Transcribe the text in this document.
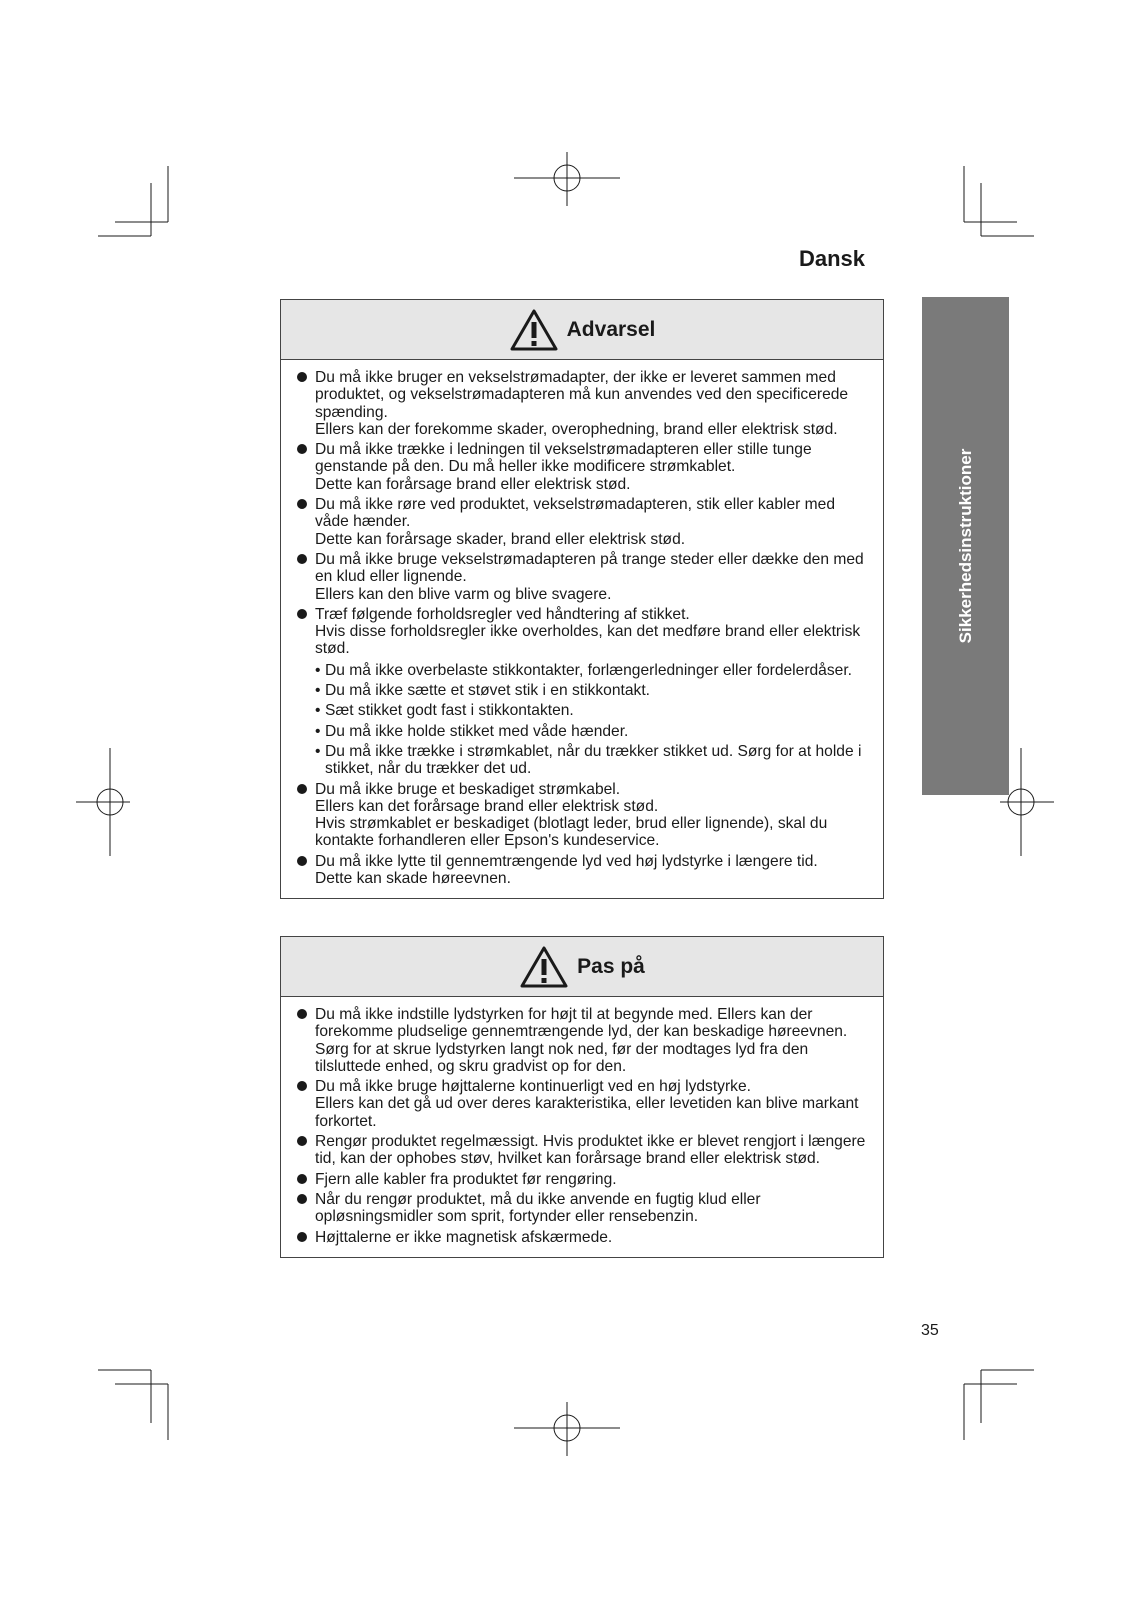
Dansk
Sikkerhedsinstruktioner
Advarsel

Du må ikke bruger en vekselstrømadapter, der ikke er leveret sammen med produktet, og vekselstrømadapteren må kun anvendes ved den specificerede spænding.

Ellers kan der forekomme skader, overophedning, brand eller elektrisk stød.

Du må ikke trække i ledningen til vekselstrømadapteren eller stille tunge genstande på den. Du må heller ikke modificere strømkablet.

Dette kan forårsage brand eller elektrisk stød.

Du må ikke røre ved produktet, vekselstrømadapteren, stik eller kabler med våde hænder.

Dette kan forårsage skader, brand eller elektrisk stød.

Du må ikke bruge vekselstrømadapteren på trange steder eller dække den med en klud eller lignende.

Ellers kan den blive varm og blive svagere.

Træf følgende forholdsregler ved håndtering af stikket.

Hvis disse forholdsregler ikke overholdes, kan det medføre brand eller elektrisk stød.

• Du må ikke overbelaste stikkontakter, forlængerledninger eller fordelerdåser.
• Du må ikke sætte et støvet stik i en stikkontakt.
• Sæt stikket godt fast i stikkontakten.
• Du må ikke holde stikket med våde hænder.
• Du må ikke trække i strømkablet, når du trækker stikket ud. Sørg for at holde i stikket, når du trækker det ud.

Du må ikke bruge et beskadiget strømkabel.

Ellers kan det forårsage brand eller elektrisk stød.

Hvis strømkablet er beskadiget (blotlagt leder, brud eller lignende), skal du kontakte forhandleren eller Epson's kundeservice.

Du må ikke lytte til gennemtrængende lyd ved høj lydstyrke i længere tid.

Dette kan skade høreevnen.

Pas på

Du må ikke indstille lydstyrken for højt til at begynde med. Ellers kan der forekomme pludselige gennemtrængende lyd, der kan beskadige høreevnen. Sørg for at skrue lydstyrken langt nok ned, før der modtages lyd fra den tilsluttede enhed, og skru gradvist op for den.

Du må ikke bruge højttalerne kontinuerligt ved en høj lydstyrke.

Ellers kan det gå ud over deres karakteristika, eller levetiden kan blive markant forkortet.

Rengør produktet regelmæssigt. Hvis produktet ikke er blevet rengjort i længere tid, kan der ophobes støv, hvilket kan forårsage brand eller elektrisk stød.

Fjern alle kabler fra produktet før rengøring.

Når du rengør produktet, må du ikke anvende en fugtig klud eller opløsningsmidler som sprit, fortynder eller rensebenzin.

Højttalerne er ikke magnetisk afskærmede.

35
